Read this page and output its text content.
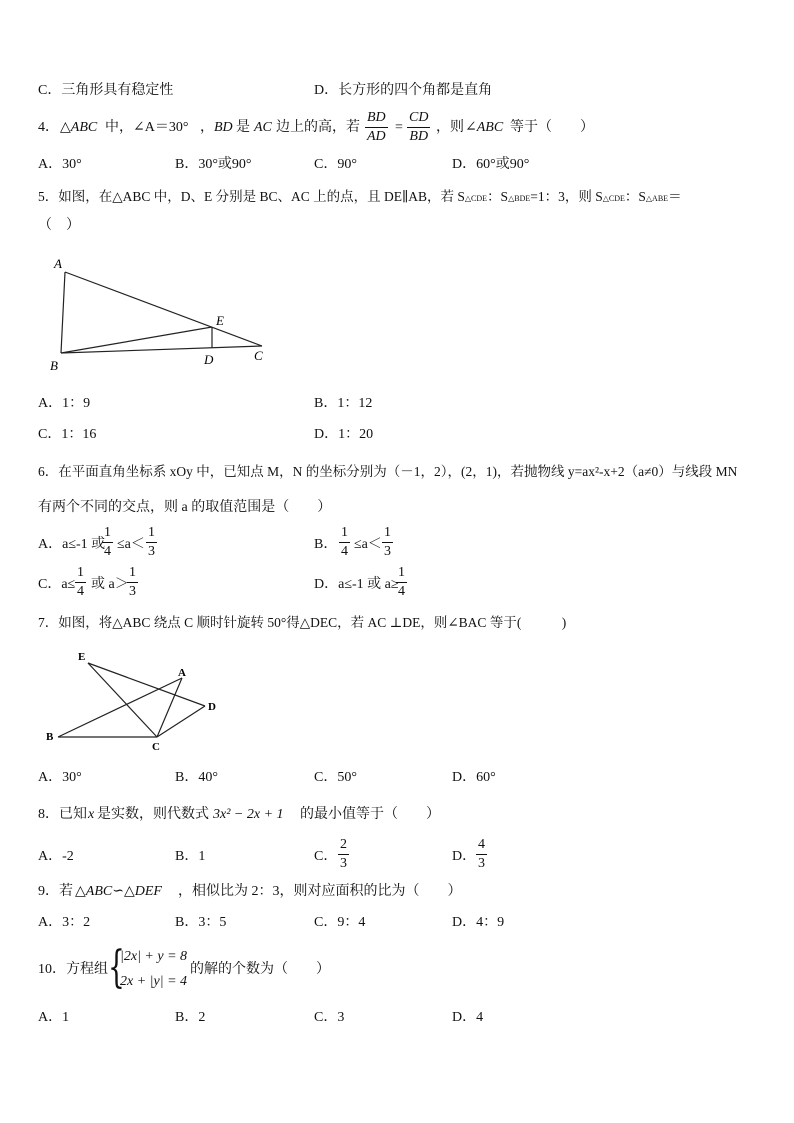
C．三角形具有稳定性	D．长方形的四个角都是直角
4． △ABC 中， ∠A＝30° ， BD 是 AC 边上的高，若
BD
AD
=
CD
BD
，则 ∠ABC 等于（　　）
A．30°	B．30°或90°	C．90°	D．60°或90°
5．如图，在△ABC 中，D、E 分别是 BC、AC 上的点，且 DE∥AB，若 S△CDE：S△BDE=1：3，则 S△CDE：S△ABE＝
（　）
A
B
C
D
E
A．1：9	B．1：12
C．1：16	D．1：20
6．在平面直角坐标系 xOy 中，已知点 M，N 的坐标分别为（－1，2），(2，1)，若抛物线 y=ax²-x+2（a≠0）与线段 MN
有两个不同的交点，则 a 的取值范围是（　　）
A．a≤-1 或
1
4 ≤a＜
1
3	B．
1
4 ≤a＜
1
3
C．a≤
1
4 或 a＞
1
3	D．a≤-1 或 a≥
1
4
7．如图，将△ABC 绕点 C 顺时针旋转 50°得△DEC，若 AC ⊥DE，则∠BAC 等于(　　　)
E
A
D
B
C
A．30°	B．40°	C．50°	D．60°
8．已知 x 是实数，则代数式 3x² − 2x + 1 的最小值等于（　　）
A．-2	B．1	C．
2
3	D．
4
3
9．若 △ABC∽△DEF ，相似比为 2：3，则对应面积的比为（　　）
A．3：2	B．3：5	C．9：4	D．4：9
10．方程组 {
|2x| + y = 8
2x + |y| = 4
的解的个数为（　　）
A．1	B．2	C．3	D．4
